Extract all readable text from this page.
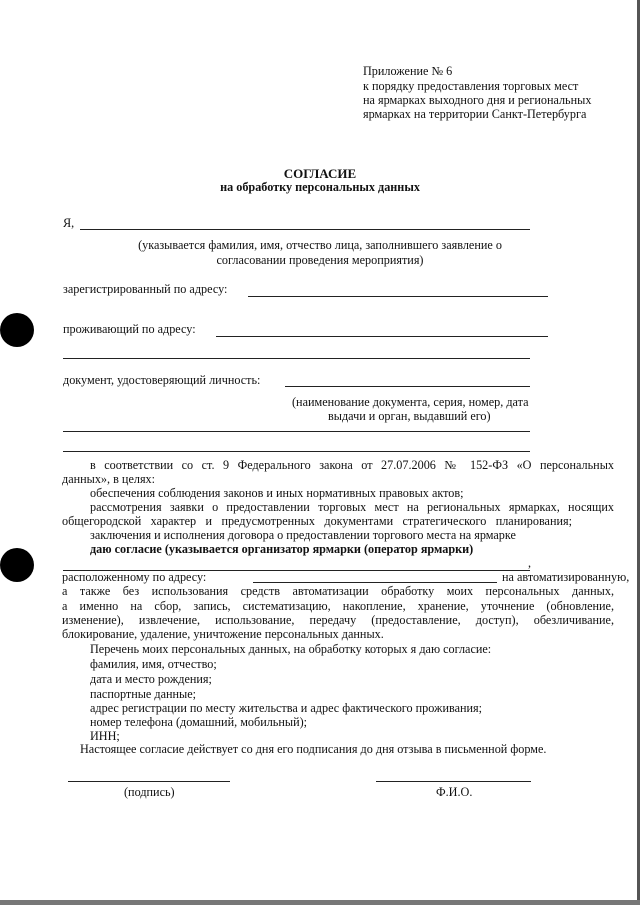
Приложение № 6
к порядку предоставления торговых мест
на ярмарках выходного дня и региональных
ярмарках на территории Санкт-Петербурга
СОГЛАСИЕ
на обработку персональных данных
Я,
(указывается фамилия, имя, отчество лица, заполнившего заявление о
согласовании проведения мероприятия)
зарегистрированный по адресу:
проживающий по адресу:
документ, удостоверяющий личность:
(наименование документа, серия, номер, дата
выдачи и орган, выдавший его)
в соответствии со ст. 9 Федерального закона от 27.07.2006 № 152-ФЗ «О персональных
данных», в целях:
обеспечения соблюдения законов и иных нормативных правовых актов;
рассмотрения заявки о предоставлении торговых мест на региональных ярмарках, носящих
общегородской характер и предусмотренных документами стратегического планирования;
заключения и исполнения договора о предоставлении торгового места на ярмарке
даю согласие (указывается организатор ярмарки (оператор ярмарки)
,
расположенному по адресу:	на автоматизированную,
а также без использования средств автоматизации обработку моих персональных данных,
а именно на сбор, запись, систематизацию, накопление, хранение, уточнение (обновление,
изменение), извлечение, использование, передачу (предоставление, доступ), обезличивание,
блокирование, удаление, уничтожение персональных данных.
Перечень моих персональных данных, на обработку которых я даю согласие:
фамилия, имя, отчество;
дата и место рождения;
паспортные данные;
адрес регистрации по месту жительства и адрес фактического проживания;
номер телефона (домашний, мобильный);
ИНН;
Настоящее согласие действует со дня его подписания до дня отзыва в письменной форме.
(подпись)	Ф.И.О.
